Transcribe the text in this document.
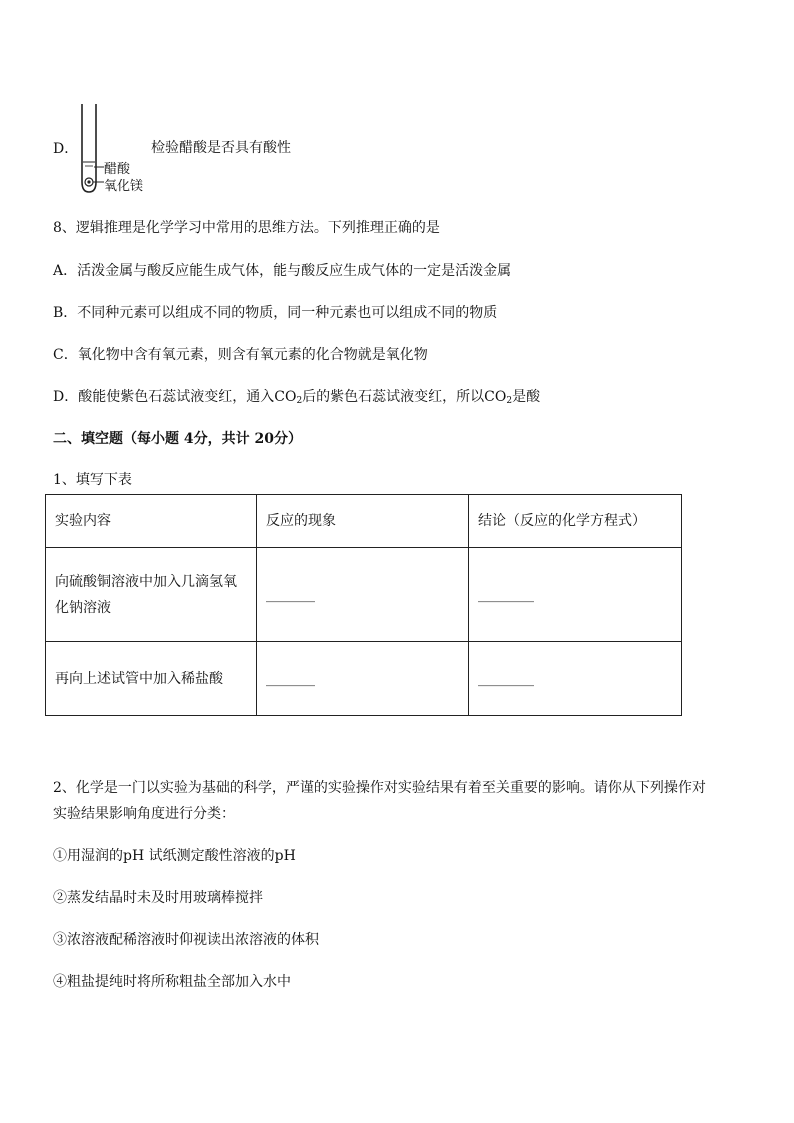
D．
醋酸
氧化镁
检验醋酸是否具有酸性
8、逻辑推理是化学学习中常用的思维方法。下列推理正确的是
A．活泼金属与酸反应能生成气体，能与酸反应生成气体的一定是活泼金属
B．不同种元素可以组成不同的物质，同一种元素也可以组成不同的物质
C．氧化物中含有氧元素，则含有氧元素的化合物就是氧化物
D．酸能使紫色石蕊试液变红，通入$CO_2$后的紫色石蕊试液变红，所以$CO_2$是酸
二、填空题（每小题 4分，共计 20分）
1、填写下表
实验内容	反应的现象	结论（反应的化学方程式）

向硫酸铜溶液中加入几滴氢氧
化钠溶液	_______	________
再向上述试管中加入稀盐酸	_______	________
2、化学是一门以实验为基础的科学，严谨的实验操作对实验结果有着至关重要的影响。请你从下列操作对
实验结果影响角度进行分类：
①用湿润的pH 试纸测定酸性溶液的pH
②蒸发结晶时未及时用玻璃棒搅拌
③浓溶液配稀溶液时仰视读出浓溶液的体积
④粗盐提纯时将所称粗盐全部加入水中
